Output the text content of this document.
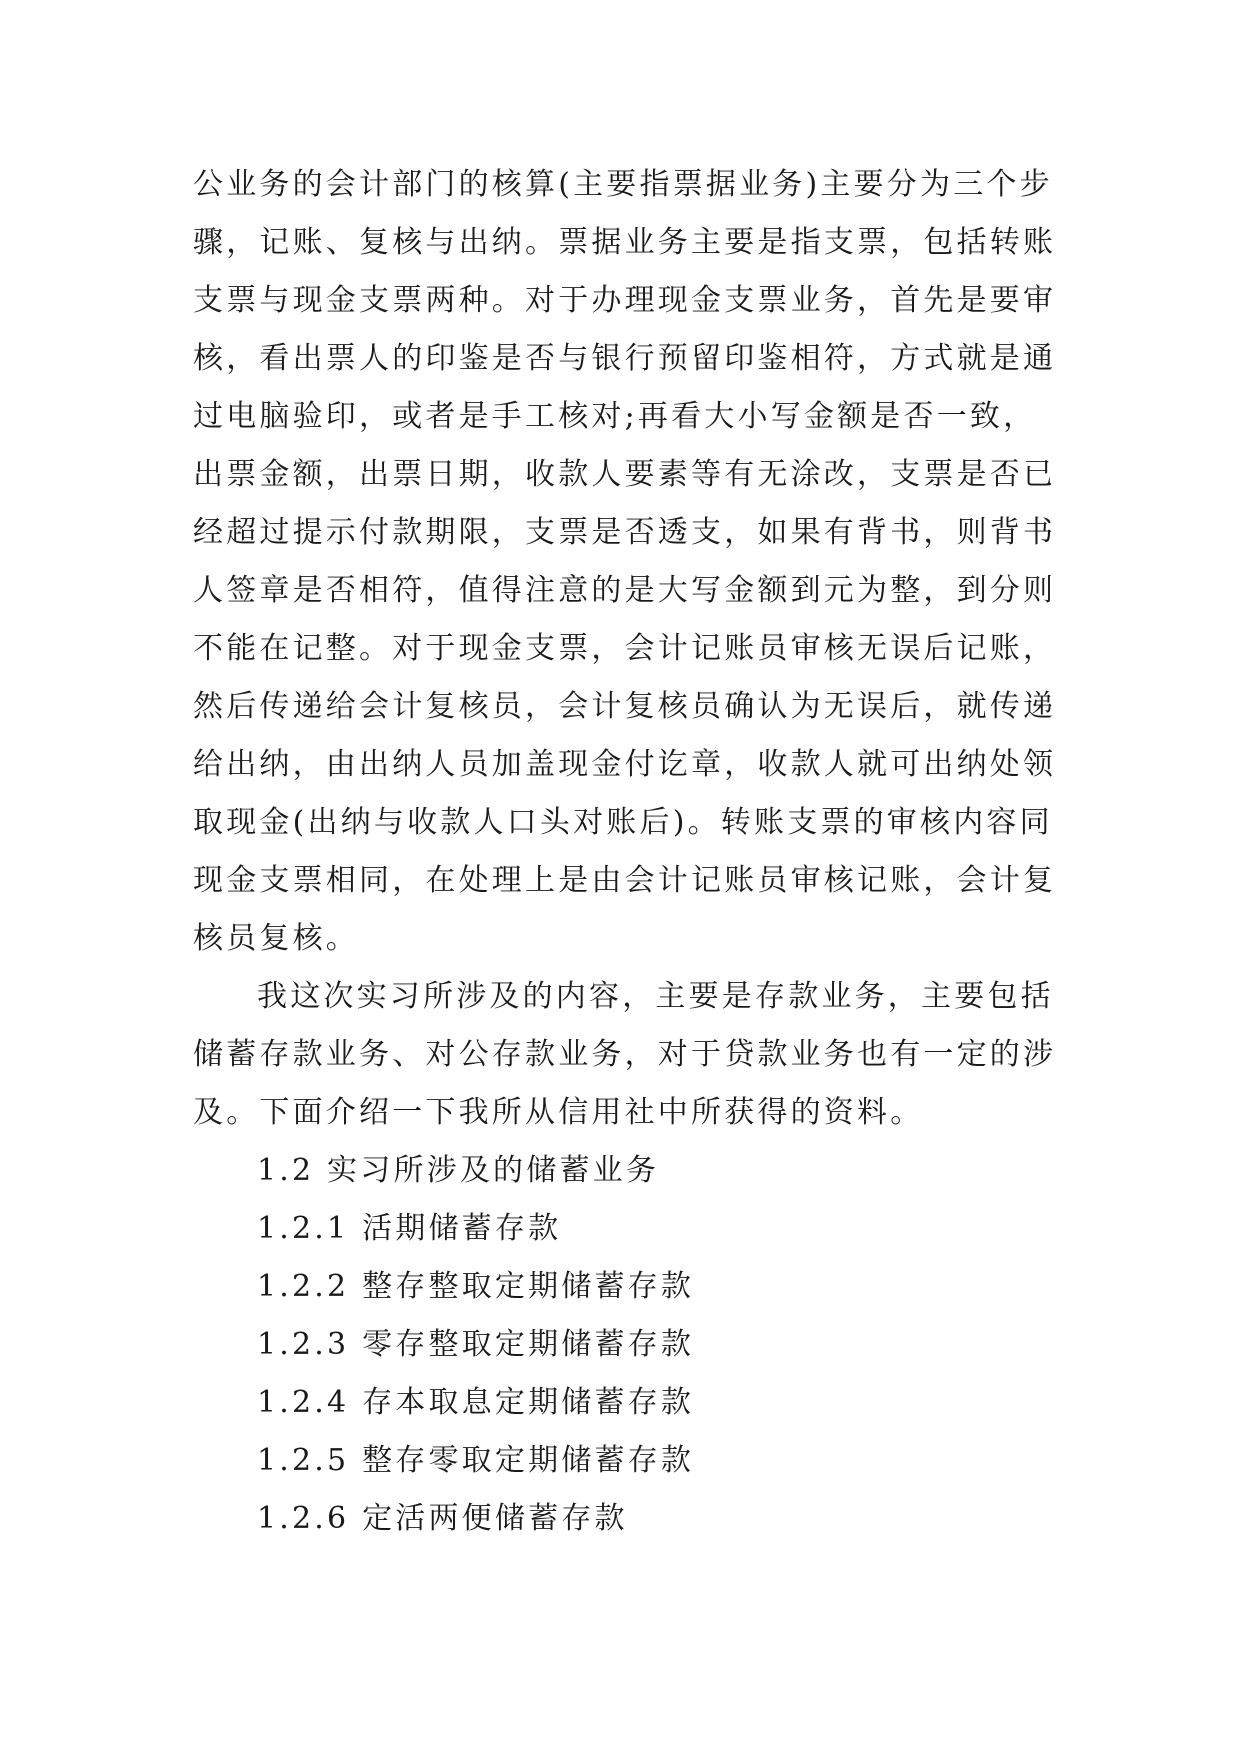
公业务的会计部门的核算(主要指票据业务)主要分为三个步
骤，记账、复核与出纳。票据业务主要是指支票，包括转账
支票与现金支票两种。对于办理现金支票业务，首先是要审
核，看出票人的印鉴是否与银行预留印鉴相符，方式就是通
过电脑验印，或者是手工核对;再看大小写金额是否一致，
出票金额，出票日期，收款人要素等有无涂改，支票是否已
经超过提示付款期限，支票是否透支，如果有背书，则背书
人签章是否相符，值得注意的是大写金额到元为整，到分则
不能在记整。对于现金支票，会计记账员审核无误后记账，
然后传递给会计复核员，会计复核员确认为无误后，就传递
给出纳，由出纳人员加盖现金付讫章，收款人就可出纳处领
取现金(出纳与收款人口头对账后)。转账支票的审核内容同
现金支票相同，在处理上是由会计记账员审核记账，会计复
核员复核。
我这次实习所涉及的内容，主要是存款业务，主要包括
储蓄存款业务、对公存款业务，对于贷款业务也有一定的涉
及。下面介绍一下我所从信用社中所获得的资料。
1.2 实习所涉及的储蓄业务
1.2.1 活期储蓄存款
1.2.2 整存整取定期储蓄存款
1.2.3 零存整取定期储蓄存款
1.2.4 存本取息定期储蓄存款
1.2.5 整存零取定期储蓄存款
1.2.6 定活两便储蓄存款
